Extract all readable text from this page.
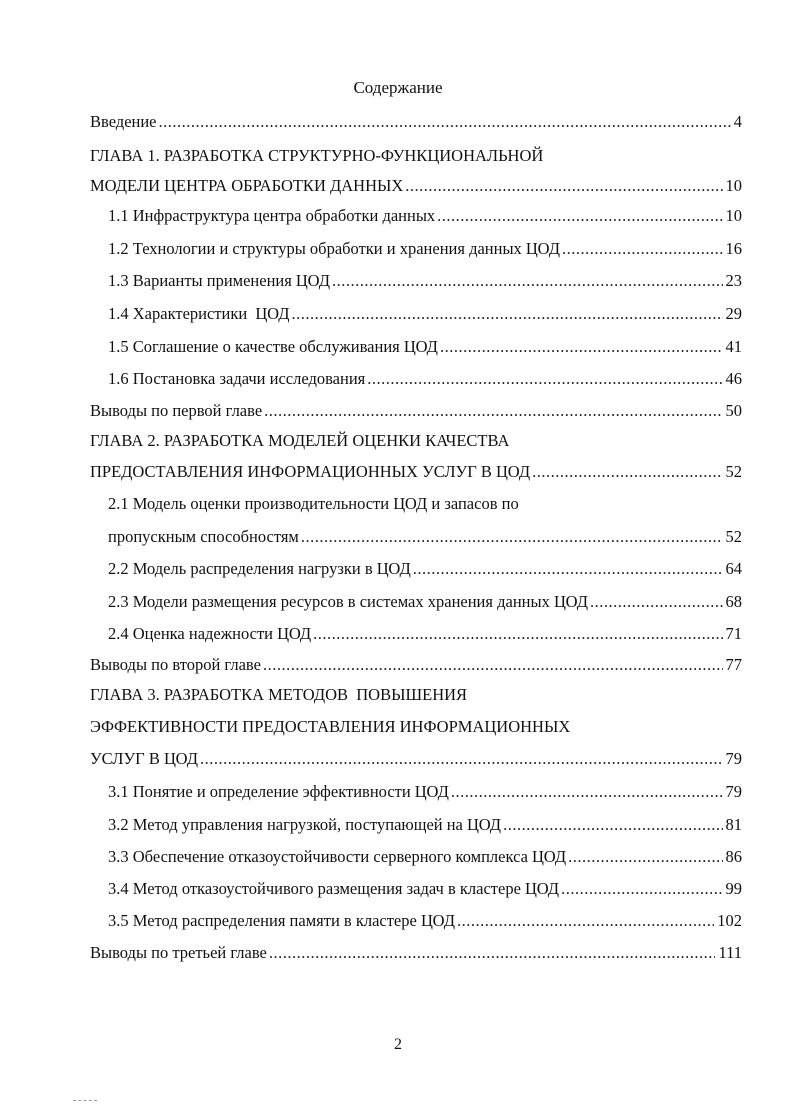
Содержание
Введение .....	4
ГЛАВА 1. РАЗРАБОТКА СТРУКТУРНО-ФУНКЦИОНАЛЬНОЙ
МОДЕЛИ ЦЕНТРА ОБРАБОТКИ ДАННЫХ .....	10
1.1 Инфраструктура центра обработки данных .....	10
1.2 Технологии и структуры обработки и хранения данных ЦОД .....	16
1.3 Варианты применения ЦОД .....	23
1.4 Характеристики  ЦОД .....	29
1.5 Соглашение о качестве обслуживания ЦОД .....	41
1.6 Постановка задачи исследования .....	46
Выводы по первой главе .....	50
ГЛАВА 2. РАЗРАБОТКА МОДЕЛЕЙ ОЦЕНКИ КАЧЕСТВА
ПРЕДОСТАВЛЕНИЯ ИНФОРМАЦИОННЫХ УСЛУГ В ЦОД .....	52
2.1 Модель оценки производительности ЦОД и запасов по
пропускным способностям .....	52
2.2 Модель распределения нагрузки в ЦОД .....	64
2.3 Модели размещения ресурсов в системах хранения данных ЦОД .....	68
2.4 Оценка надежности ЦОД .....	71
Выводы по второй главе .....	77
ГЛАВА 3. РАЗРАБОТКА МЕТОДОВ  ПОВЫШЕНИЯ
ЭФФЕКТИВНОСТИ ПРЕДОСТАВЛЕНИЯ ИНФОРМАЦИОННЫХ
УСЛУГ В ЦОД .....	79
3.1 Понятие и определение эффективности ЦОД .....	79
3.2 Метод управления нагрузкой, поступающей на ЦОД .....	81
3.3 Обеспечение отказоустойчивости серверного комплекса ЦОД .....	86
3.4 Метод отказоустойчивого размещения задач в кластере ЦОД .....	99
3.5 Метод распределения памяти в кластере ЦОД .....	102
Выводы по третьей главе .....	111
2
